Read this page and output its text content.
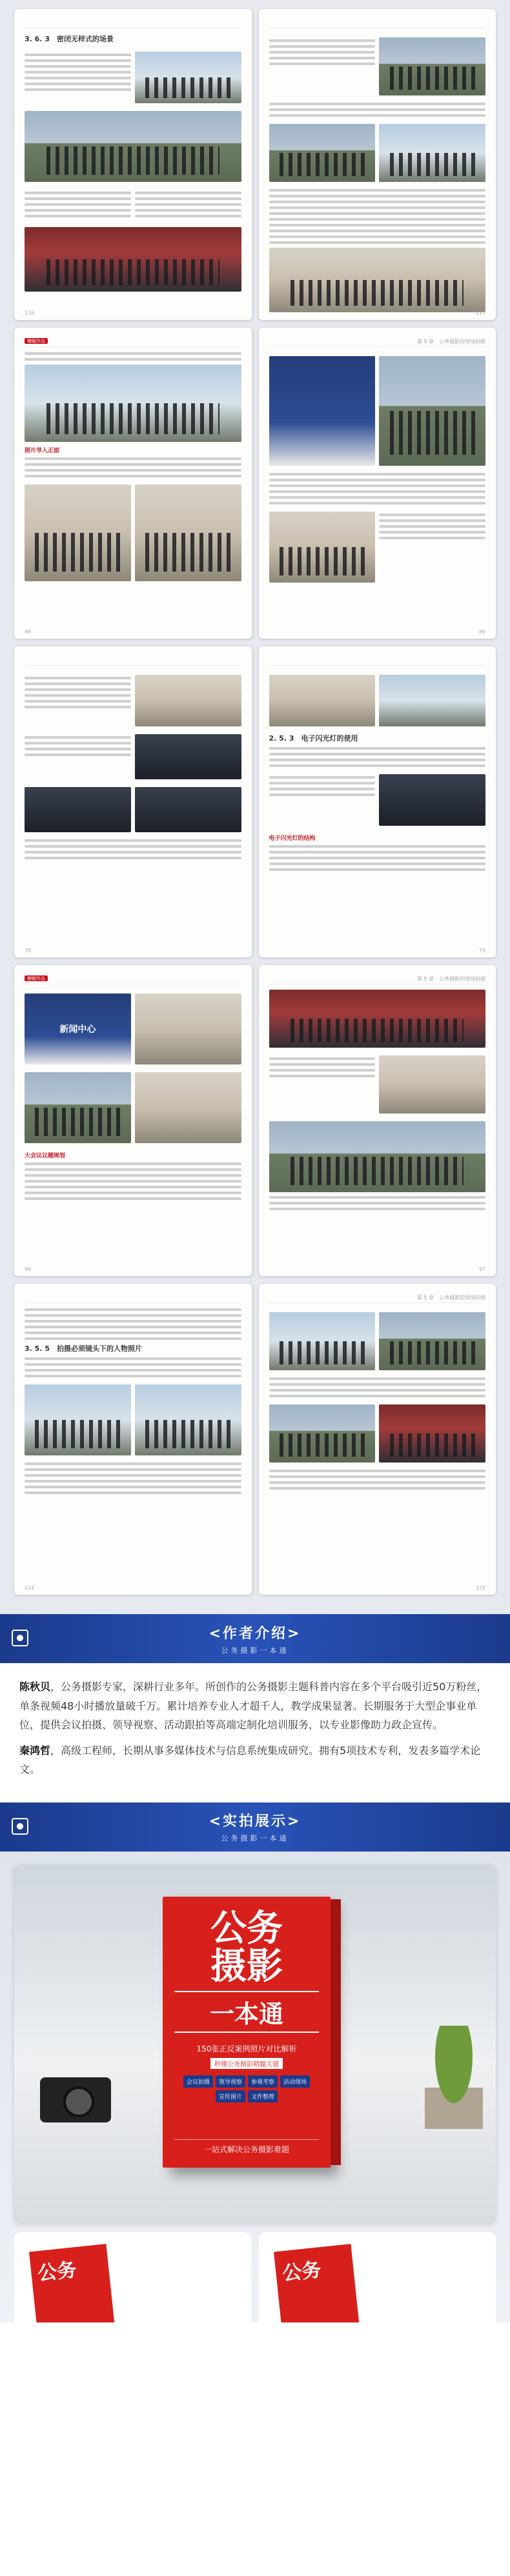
3. 6. 3　密闭无样式的场景
116	117
横幅作品
照片导入正面
88
第 5 章　公务摄影的现场拍摄
89
78
2. 5. 3　电子闪光灯的使用
电子闪光灯的结构
79
横幅作品
新闻中心
大会议议题规划
96
第 5 章　公务摄影的现场拍摄
97
3. 5. 5　拍摄必须镜头下的人物照片
124
第 5 章　公务摄影的现场拍摄
125
<作者介绍>
公务摄影一本通

陈秋贝，公务摄影专家，深耕行业多年。所创作的公务摄影主题科普内容在多个平台吸引近50万粉丝，单条视频48小时播放量破千万。累计培养专业人才超千人，教学成果显著。长期服务于大型企事业单位，提供会议拍摄、领导视察、活动跟拍等高端定制化培训服务，以专业影像助力政企宣传。

秦鸿哲，高级工程师，长期从事多媒体技术与信息系统集成研究。拥有5项技术专利，发表多篇学术论文。

<实拍展示>
公务摄影一本通
公务
摄影
一本通
150张正反案例照片对比解析
秒懂公务摄影精髓关键
会议拍摄	领导视察	参观考察	活动现场
宣传图片	文件整理
一站式解决公务摄影难题
公务	公务
